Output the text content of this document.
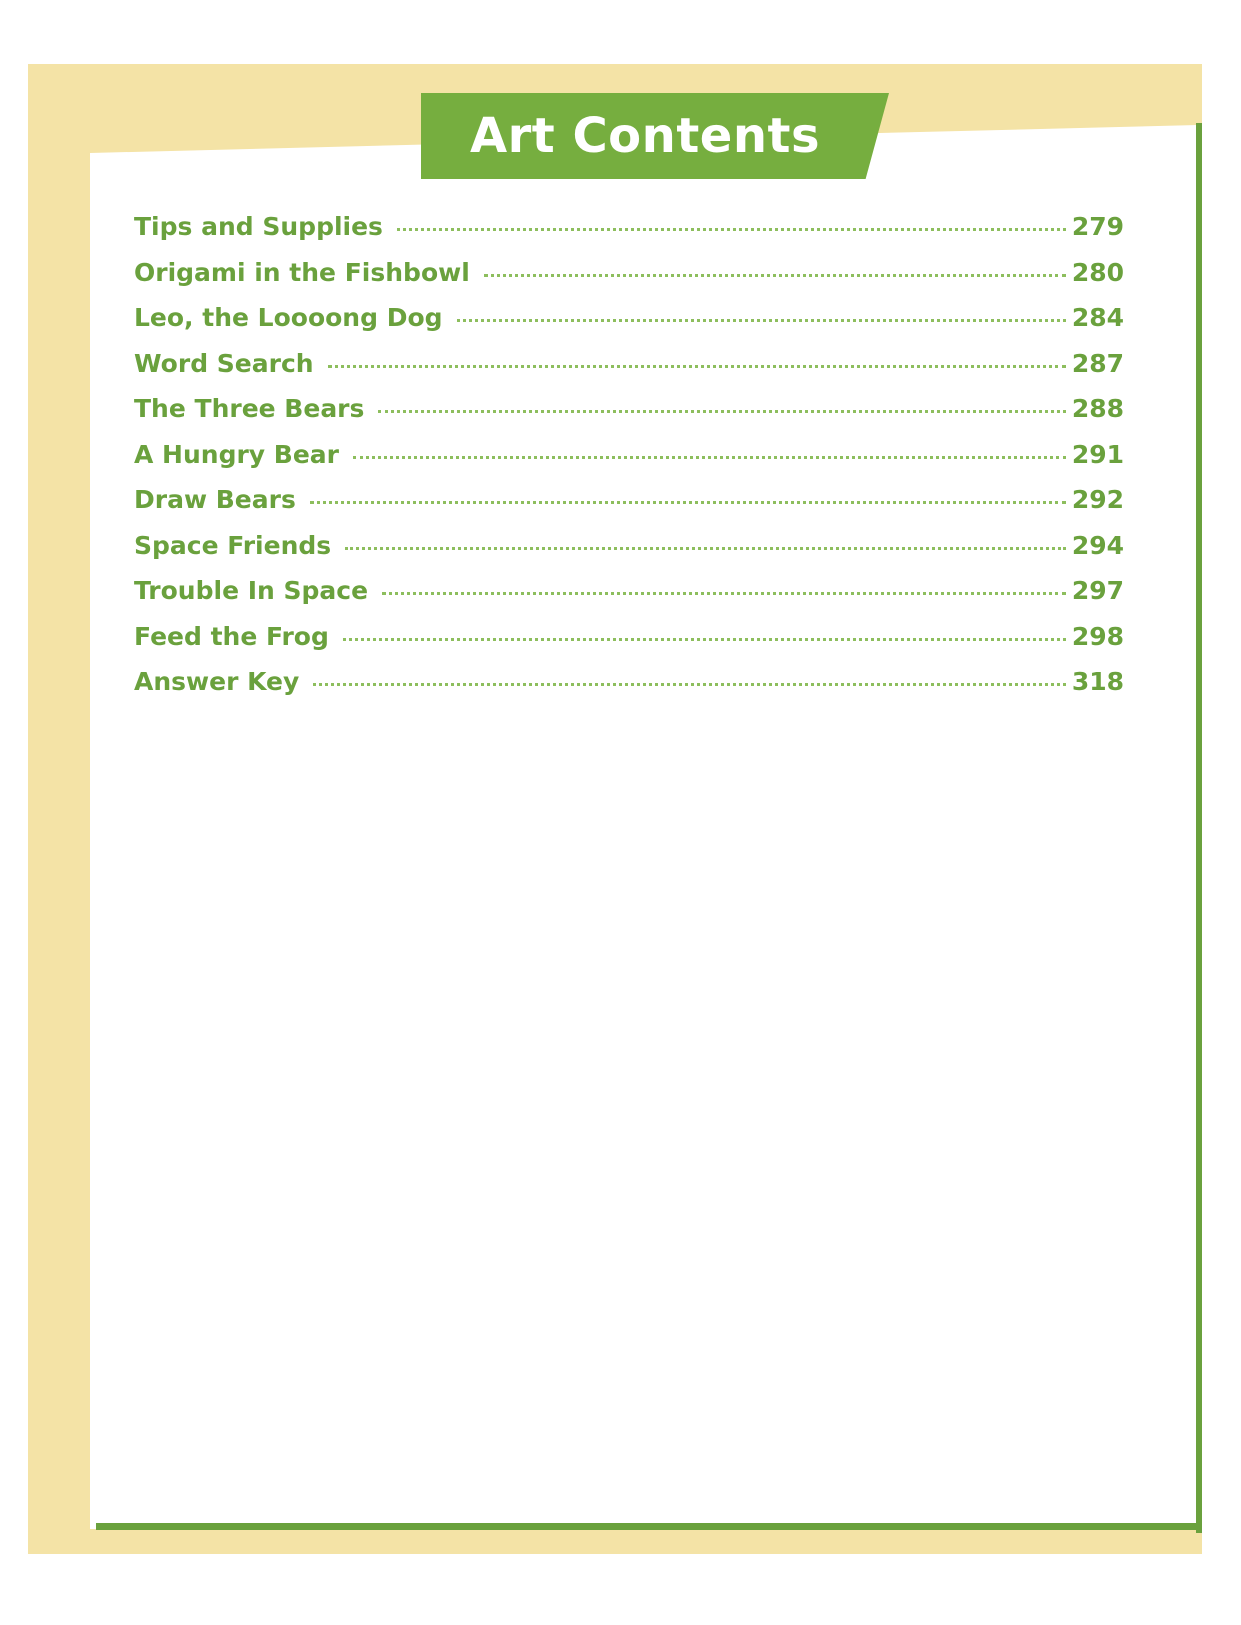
Art Contents
Tips and Supplies	279
Origami in the Fishbowl	280
Leo, the Loooong Dog	284
Word Search	287
The Three Bears	288
A Hungry Bear	291
Draw Bears	292
Space Friends	294
Trouble In Space	297
Feed the Frog	298
Answer Key	318
